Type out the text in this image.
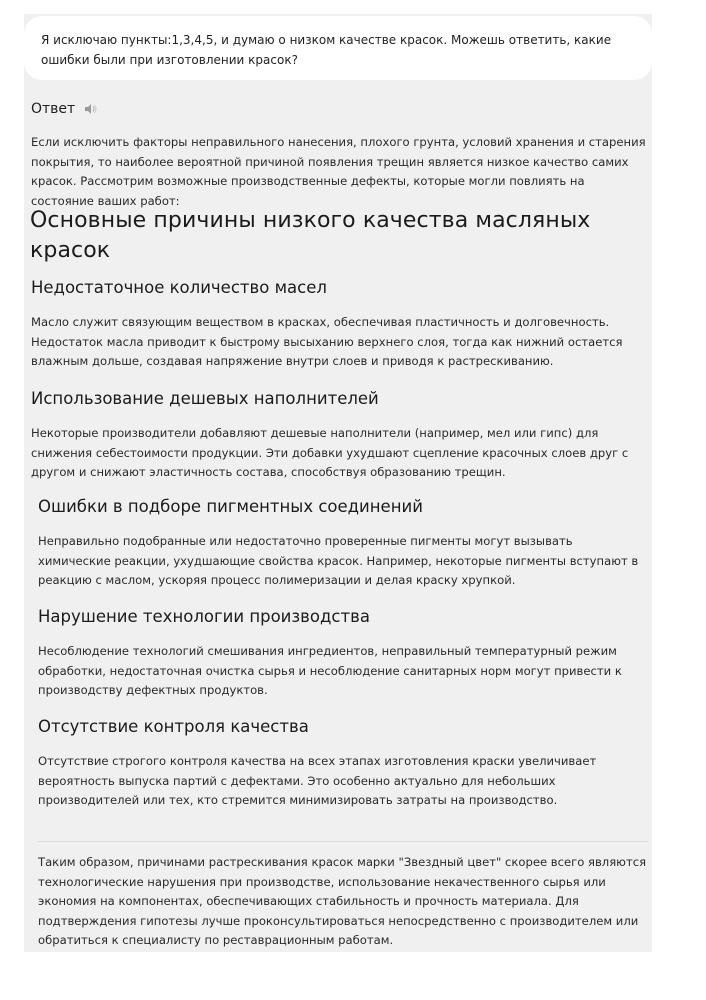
Я исключаю пункты:1,3,4,5, и думаю о низком качестве красок. Можешь ответить, какие ошибки были при изготовлении красок?

Ответ

Если исключить факторы неправильного нанесения, плохого грунта, условий хранения и старения покрытия, то наиболее вероятной причиной появления трещин является низкое качество самих красок. Рассмотрим возможные производственные дефекты, которые могли повлиять на состояние ваших работ:

Основные причины низкого качества масляных красок
Недостаточное количество масел

Масло служит связующим веществом в красках, обеспечивая пластичность и долговечность. Недостаток масла приводит к быстрому высыханию верхнего слоя, тогда как нижний остается влажным дольше, создавая напряжение внутри слоев и приводя к растрескиванию.

Использование дешевых наполнителей

Некоторые производители добавляют дешевые наполнители (например, мел или гипс) для снижения себестоимости продукции. Эти добавки ухудшают сцепление красочных слоев друг с другом и снижают эластичность состава, способствуя образованию трещин.

Ошибки в подборе пигментных соединений

Неправильно подобранные или недостаточно проверенные пигменты могут вызывать химические реакции, ухудшающие свойства красок. Например, некоторые пигменты вступают в реакцию с маслом, ускоряя процесс полимеризации и делая краску хрупкой.

Нарушение технологии производства

Несоблюдение технологий смешивания ингредиентов, неправильный температурный режим обработки, недостаточная очистка сырья и несоблюдение санитарных норм могут привести к производству дефектных продуктов.

Отсутствие контроля качества

Отсутствие строгого контроля качества на всех этапах изготовления краски увеличивает вероятность выпуска партий с дефектами. Это особенно актуально для небольших производителей или тех, кто стремится минимизировать затраты на производство.

Таким образом, причинами растрескивания красок марки "Звездный цвет" скорее всего являются технологические нарушения при производстве, использование некачественного сырья или экономия на компонентах, обеспечивающих стабильность и прочность материала. Для подтверждения гипотезы лучше проконсультироваться непосредственно с производителем или обратиться к специалисту по реставрационным работам.
